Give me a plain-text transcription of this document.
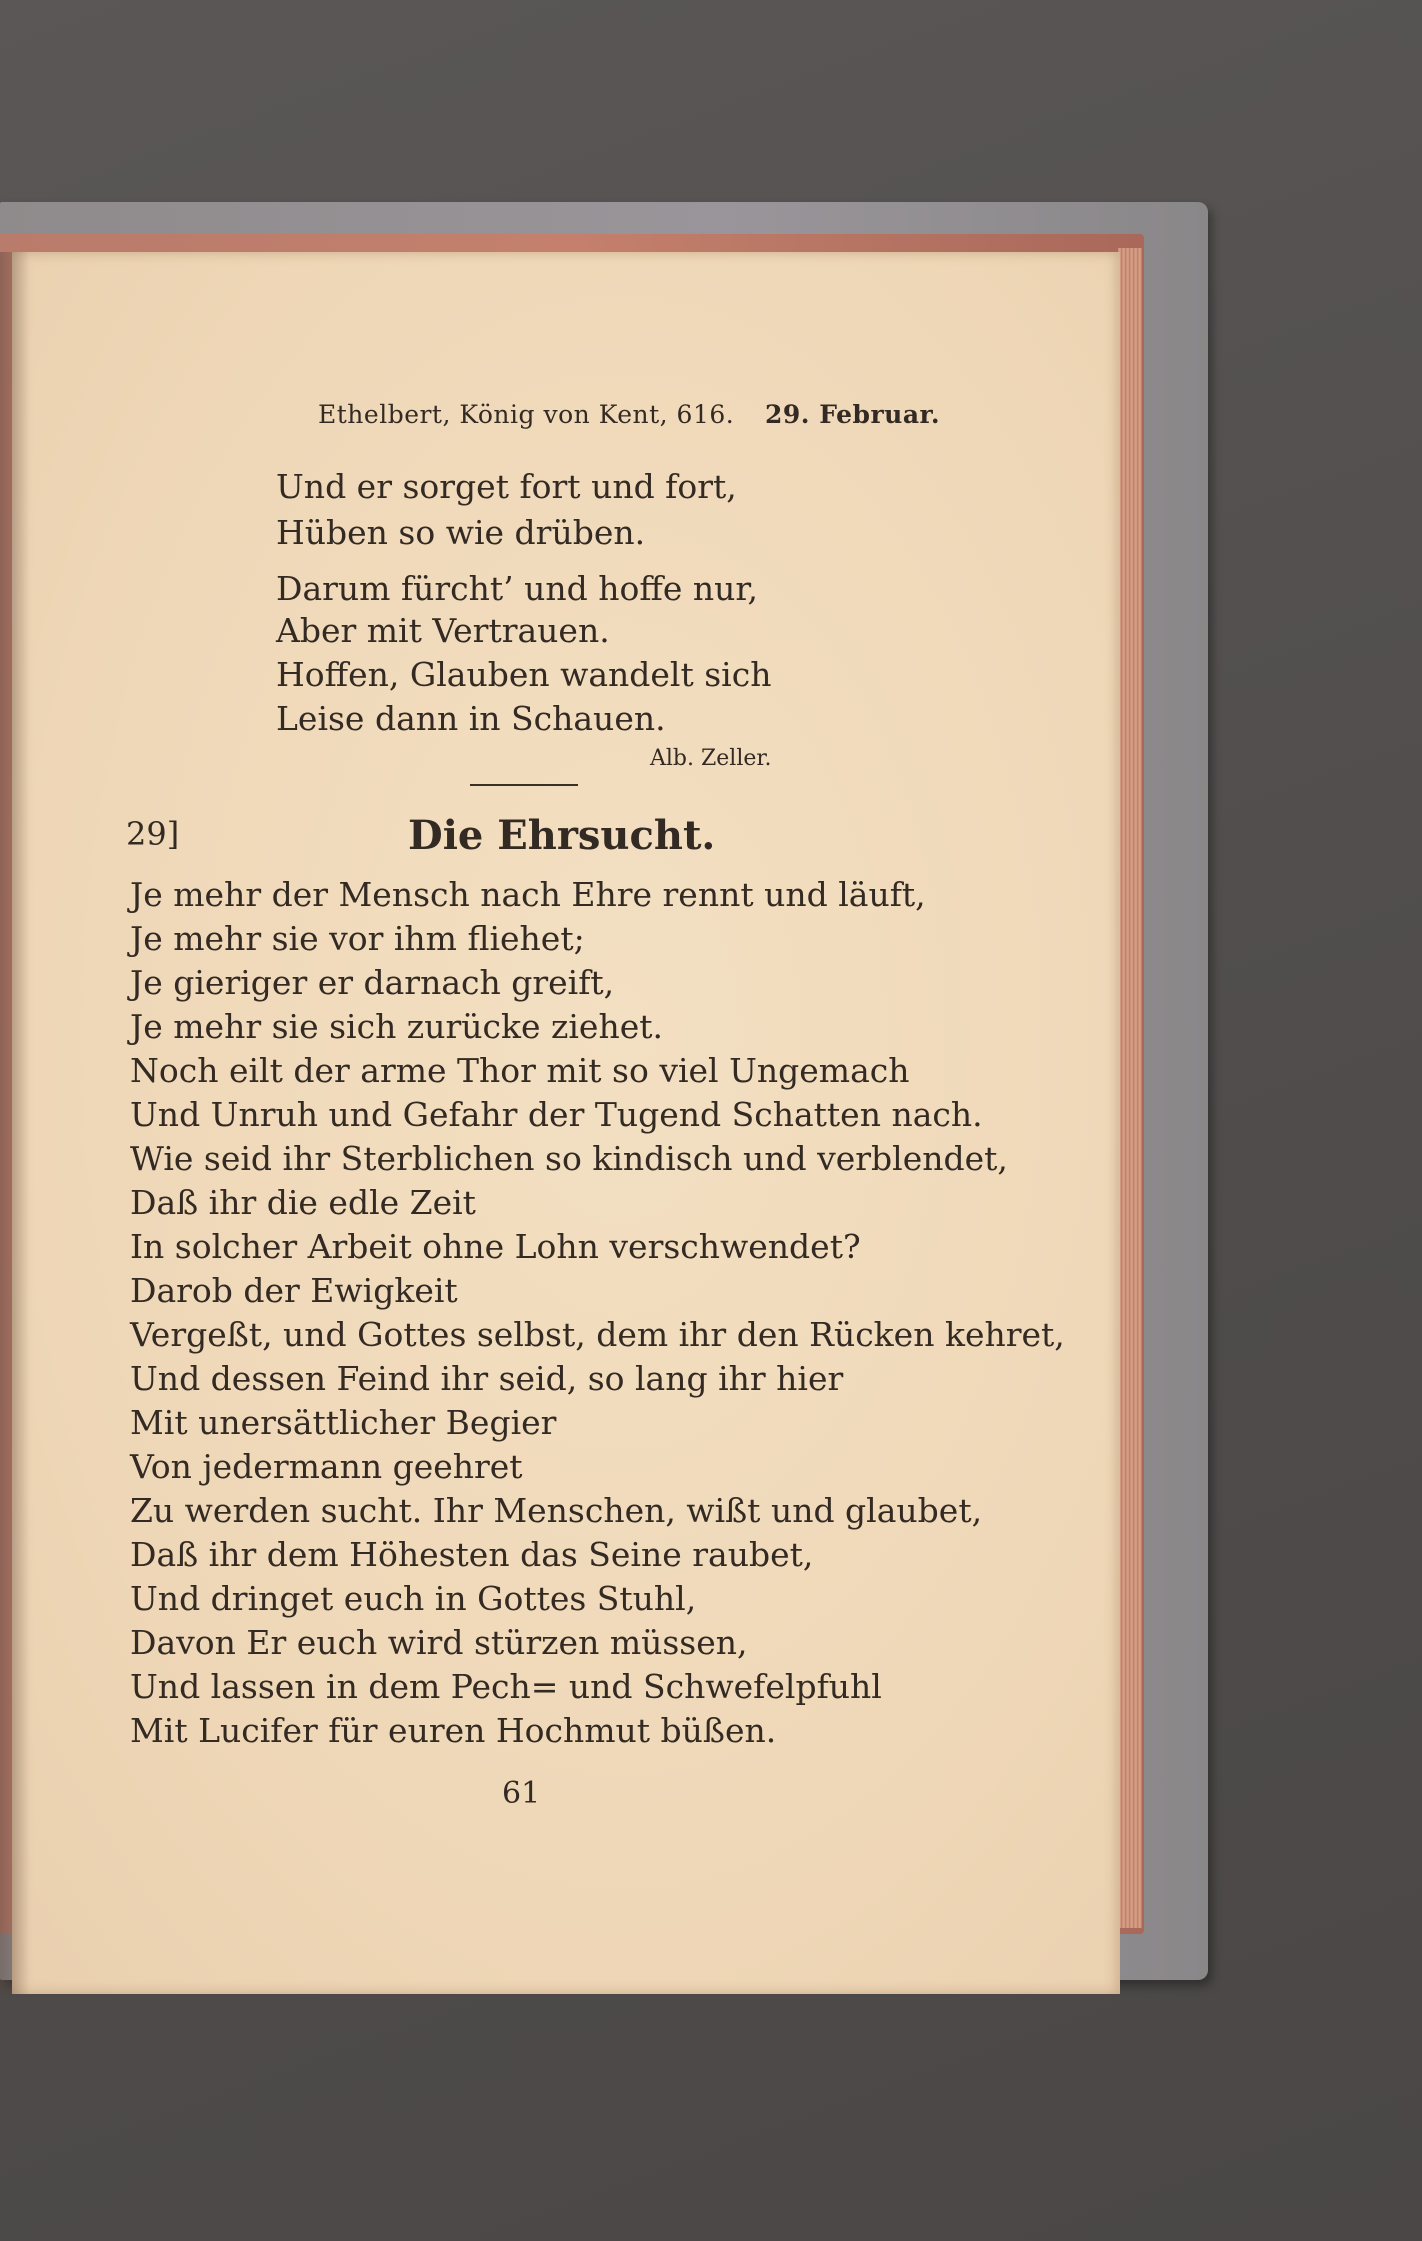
Ethelbert, König von Kent, 616. 29. Februar.
Und er sorget fort und fort,
Hüben so wie drüben.
Darum fürcht’ und hoffe nur,
Aber mit Vertrauen.
Hoffen, Glauben wandelt sich
Leise dann in Schauen.
Alb. Zeller.
29]	Die Ehrsucht.
Je mehr der Mensch nach Ehre rennt und läuft,
Je mehr sie vor ihm fliehet;
Je gieriger er darnach greift,
Je mehr sie sich zurücke ziehet.
Noch eilt der arme Thor mit so viel Ungemach
Und Unruh und Gefahr der Tugend Schatten nach.
Wie seid ihr Sterblichen so kindisch und verblendet,
Daß ihr die edle Zeit
In solcher Arbeit ohne Lohn verschwendet?
Darob der Ewigkeit
Vergeßt, und Gottes selbst, dem ihr den Rücken kehret,
Und dessen Feind ihr seid, so lang ihr hier
Mit unersättlicher Begier
Von jedermann geehret
Zu werden sucht. Ihr Menschen, wißt und glaubet,
Daß ihr dem Höhesten das Seine raubet,
Und dringet euch in Gottes Stuhl,
Davon Er euch wird stürzen müssen,
Und lassen in dem Pech= und Schwefelpfuhl
Mit Lucifer für euren Hochmut büßen.
61
